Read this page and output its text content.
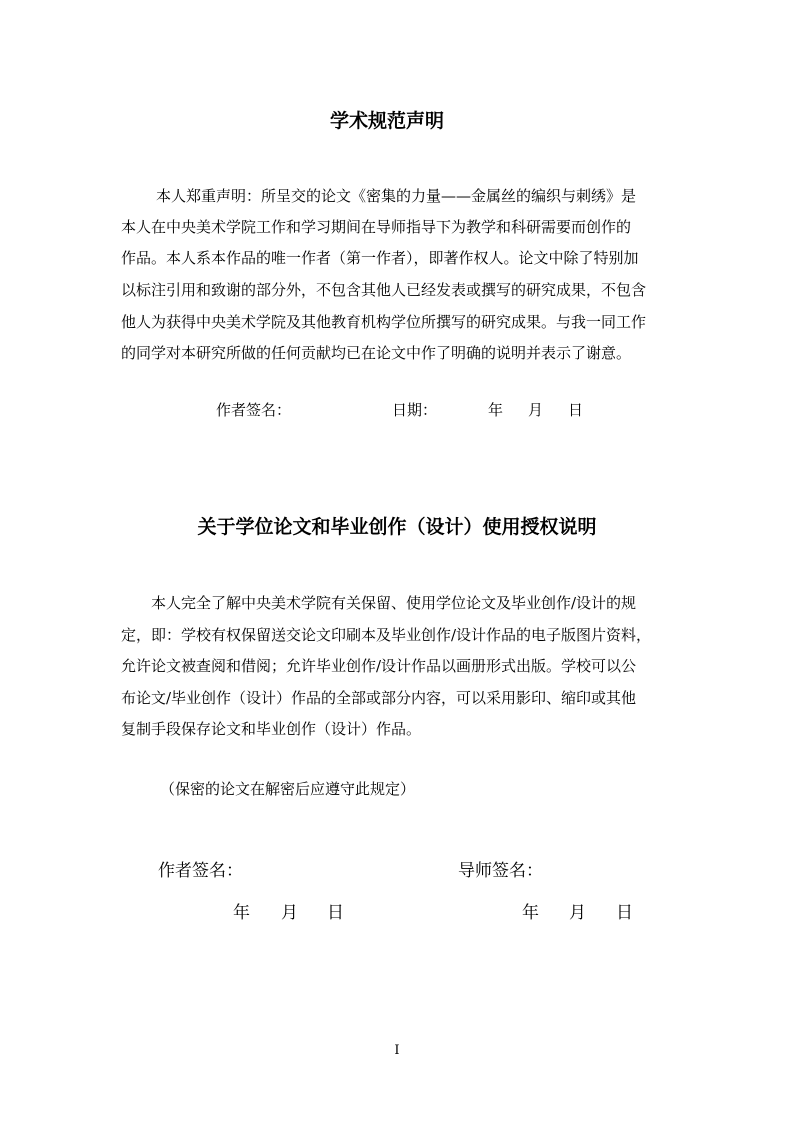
学术规范声明
本人郑重声明：所呈交的论文《密集的力量——金属丝的编织与刺绣》是
本人在中央美术学院工作和学习期间在导师指导下为教学和科研需要而创作的
作品。本人系本作品的唯一作者（第一作者），即著作权人。论文中除了特别加
以标注引用和致谢的部分外，不包含其他人已经发表或撰写的研究成果，不包含
他人为获得中央美术学院及其他教育机构学位所撰写的研究成果。与我一同工作
的同学对本研究所做的任何贡献均已在论文中作了明确的说明并表示了谢意。
作者签名：	日期：	年 月 日
关于学位论文和毕业创作（设计）使用授权说明
本人完全了解中央美术学院有关保留、使用学位论文及毕业创作/设计的规
定，即：学校有权保留送交论文印刷本及毕业创作/设计作品的电子版图片资料，
允许论文被查阅和借阅；允许毕业创作/设计作品以画册形式出版。学校可以公
布论文/毕业创作（设计）作品的全部或部分内容，可以采用影印、缩印或其他
复制手段保存论文和毕业创作（设计）作品。
（保密的论文在解密后应遵守此规定）
作者签名：	导师签名：
年 月 日	年 月 日
I
